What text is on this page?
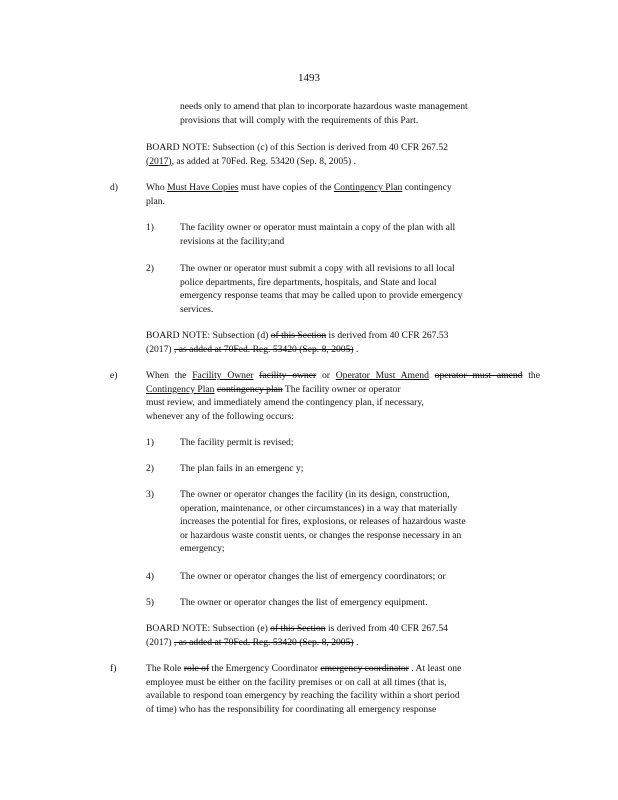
1493
needs only to amend that plan to incorporate hazardous waste management
provisions that will comply with the requirements of this Part.
BOARD NOTE: Subsection (c) of this Section is derived from 40 CFR 267.52
(2017), as added at 70Fed. Reg. 53420 (Sep. 8, 2005) .
d)	Who Must Have Copies must have copies of the Contingency Plan contingency
plan.
1)	The facility owner or operator must maintain a copy of the plan with all
revisions at the facility;and
2)	The owner or operator must submit a copy with all revisions to all local
police departments, fire departments, hospitals, and State and local
emergency response teams that may be called upon to provide emergency
services.
BOARD NOTE: Subsection (d) of this Section is derived from 40 CFR 267.53
(2017) , as added at 70Fed. Reg. 53420 (Sep. 8, 2005) .
e)	When the Facility Owner facility owner or Operator Must Amend operator must amend the Contingency Plan contingency plan The facility owner or operator
must review, and immediately amend the contingency plan, if necessary,
whenever any of the following occurs:
1)	The facility permit is revised;
2)	The plan fails in an emergenc y;
3)	The owner or operator changes the facility (in its design, construction,
operation, maintenance, or other circumstances) in a way that materially
increases the potential for fires, explosions, or releases of hazardous waste
or hazardous waste constit uents, or changes the response necessary in an
emergency;
4)	The owner or operator changes the list of emergency coordinators; or
5)	The owner or operator changes the list of emergency equipment.
BOARD NOTE: Subsection (e) of this Section is derived from 40 CFR 267.54
(2017) , as added at 70Fed. Reg. 53420 (Sep. 8, 2005) .
f)	The Role role of the Emergency Coordinator emergency coordinator . At least one
employee must be either on the facility premises or on call at all times (that is,
available to respond toan emergency by reaching the facility within a short period
of time) who has the responsibility for coordinating all emergency response
